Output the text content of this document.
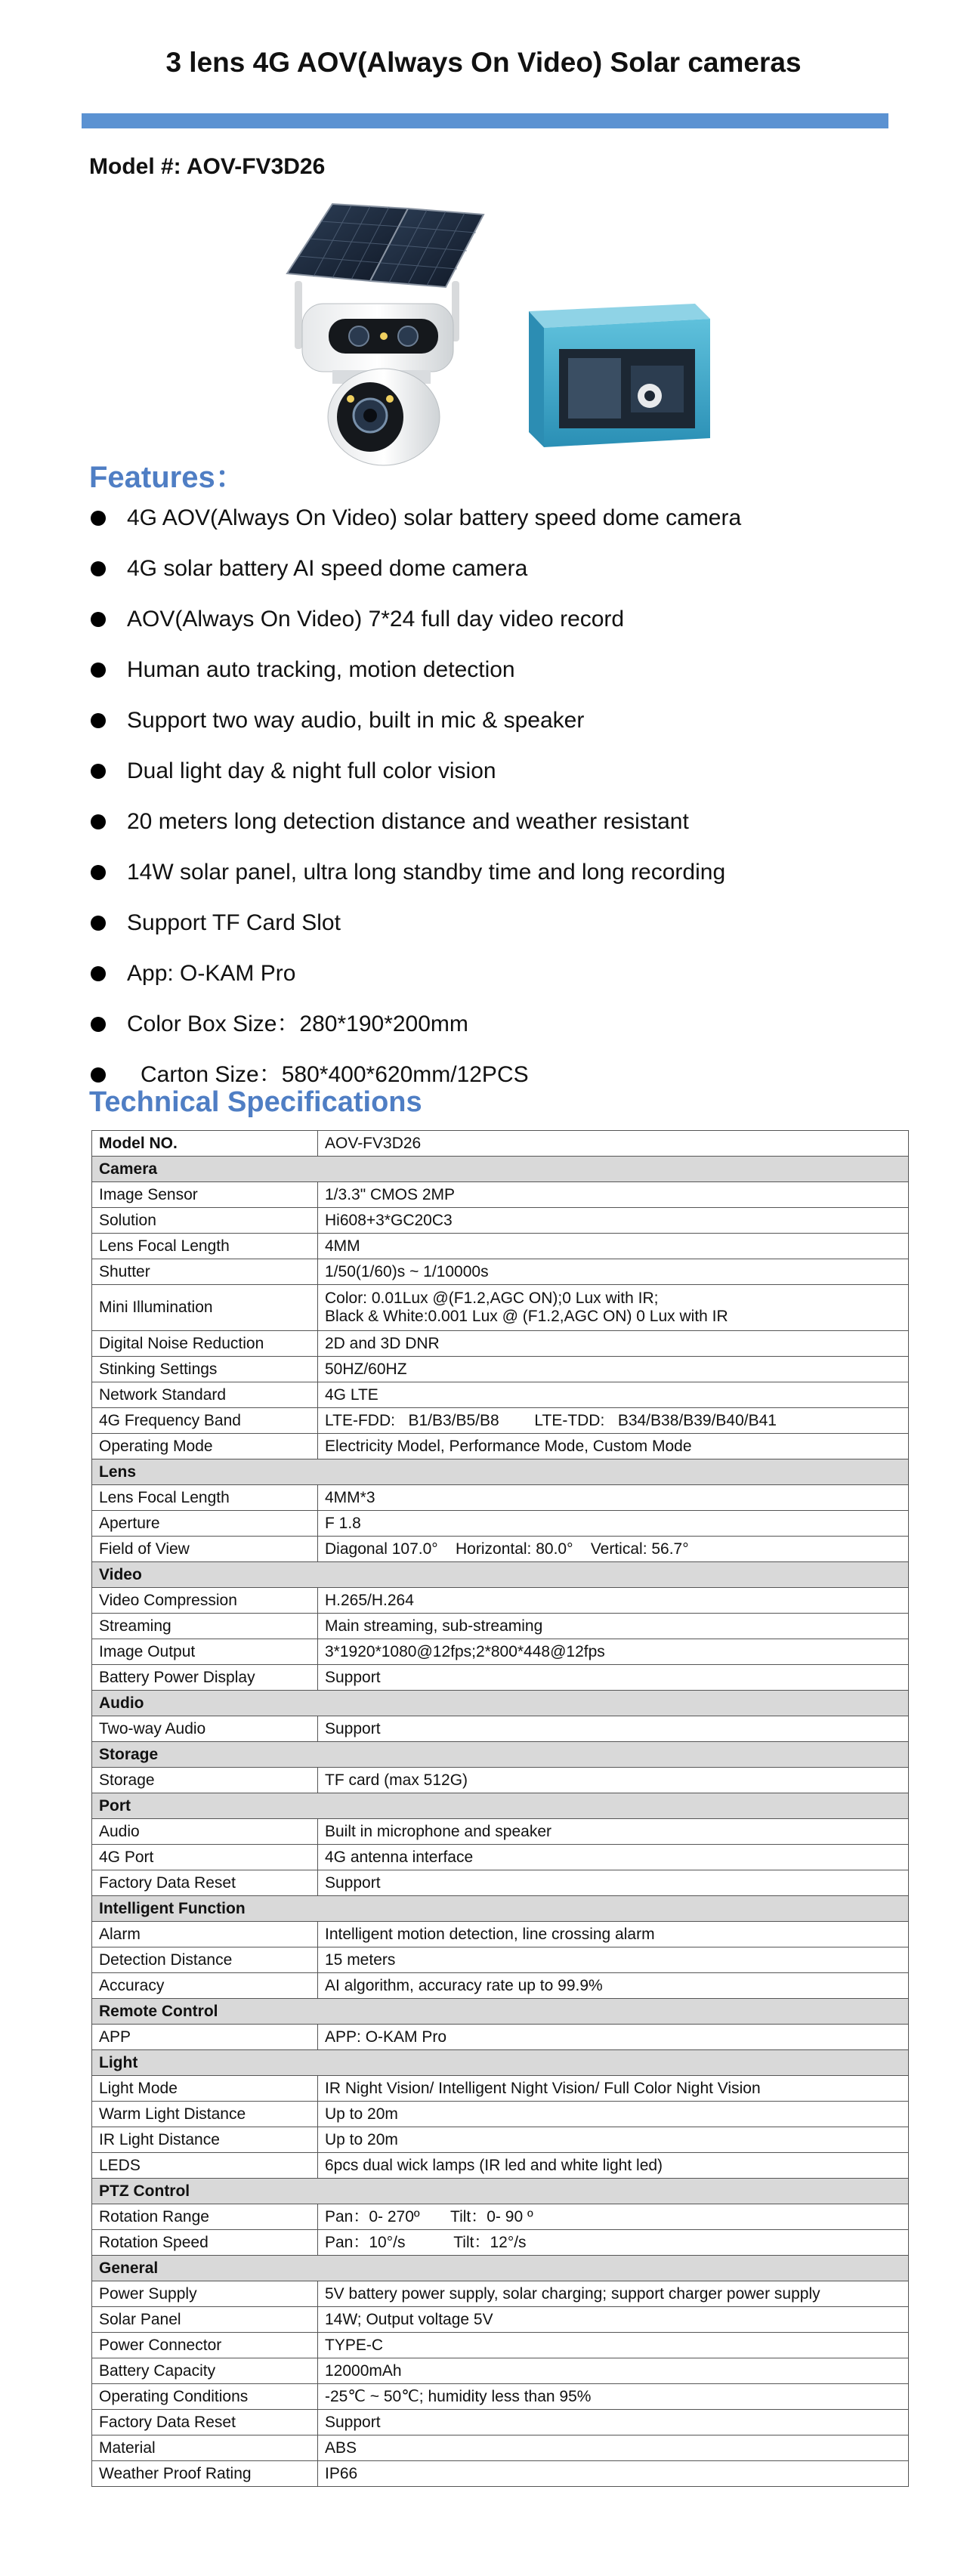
3 lens 4G AOV(Always On Video) Solar cameras
Model #: AOV-FV3D26
Features：
4G AOV(Always On Video) solar battery speed dome camera
4G solar battery AI speed dome camera
AOV(Always On Video) 7*24 full day video record
Human auto tracking, motion detection
Support two way audio, built in mic & speaker
Dual light day & night full color vision
20 meters long detection distance and weather resistant
14W solar panel, ultra long standby time and long recording
Support TF Card Slot
App: O-KAM Pro
Color Box Size：280*190*200mm
Carton Size：580*400*620mm/12PCS
Technical Specifications
Model NO.	AOV-FV3D26
Camera	
Image Sensor	1/3.3" CMOS 2MP
Solution	Hi608+3*GC20C3
Lens Focal Length	4MM
Shutter	1/50(1/60)s ~ 1/10000s
Mini Illumination	Color: 0.01Lux @(F1.2,AGC ON);0 Lux with IR;
Black & White:0.001 Lux @ (F1.2,AGC ON) 0 Lux with IR

Digital Noise Reduction	2D and 3D DNR
Stinking Settings	50HZ/60HZ
Network Standard	4G LTE
4G Frequency Band	LTE-FDD:   B1/B3/B5/B8        LTE-TDD:   B34/B38/B39/B40/B41
Operating Mode	Electricity Model, Performance Mode, Custom Mode
Lens	
Lens Focal Length	4MM*3
Aperture	F 1.8
Field of View	Diagonal 107.0°    Horizontal: 80.0°    Vertical: 56.7°
Video	
Video Compression	H.265/H.264
Streaming	Main streaming, sub-streaming
Image Output	3*1920*1080@12fps;2*800*448@12fps
Battery Power Display	Support
Audio	
Two-way Audio	Support
Storage	
Storage	TF card (max 512G)
Port	
Audio	Built in microphone and speaker
4G Port	4G antenna interface
Factory Data Reset	Support
Intelligent Function	
Alarm	Intelligent motion detection, line crossing alarm
Detection Distance	15 meters
Accuracy	AI algorithm, accuracy rate up to 99.9%
Remote Control	
APP	APP: O-KAM Pro
Light	
Light Mode	IR Night Vision/ Intelligent Night Vision/ Full Color Night Vision
Warm Light Distance	Up to 20m
IR Light Distance	Up to 20m
LEDS	6pcs dual wick lamps (IR led and white light led)
PTZ Control	
Rotation Range	Pan：0- 270º       Tilt：0- 90 º
Rotation Speed	Pan：10°/s           Tilt：12°/s
General	
Power Supply	5V battery power supply, solar charging; support charger power supply
Solar Panel	14W; Output voltage 5V
Power Connector	TYPE-C
Battery Capacity	12000mAh
Operating Conditions	-25℃ ~ 50℃; humidity less than 95%
Factory Data Reset	Support
Material	ABS
Weather Proof Rating	IP66
